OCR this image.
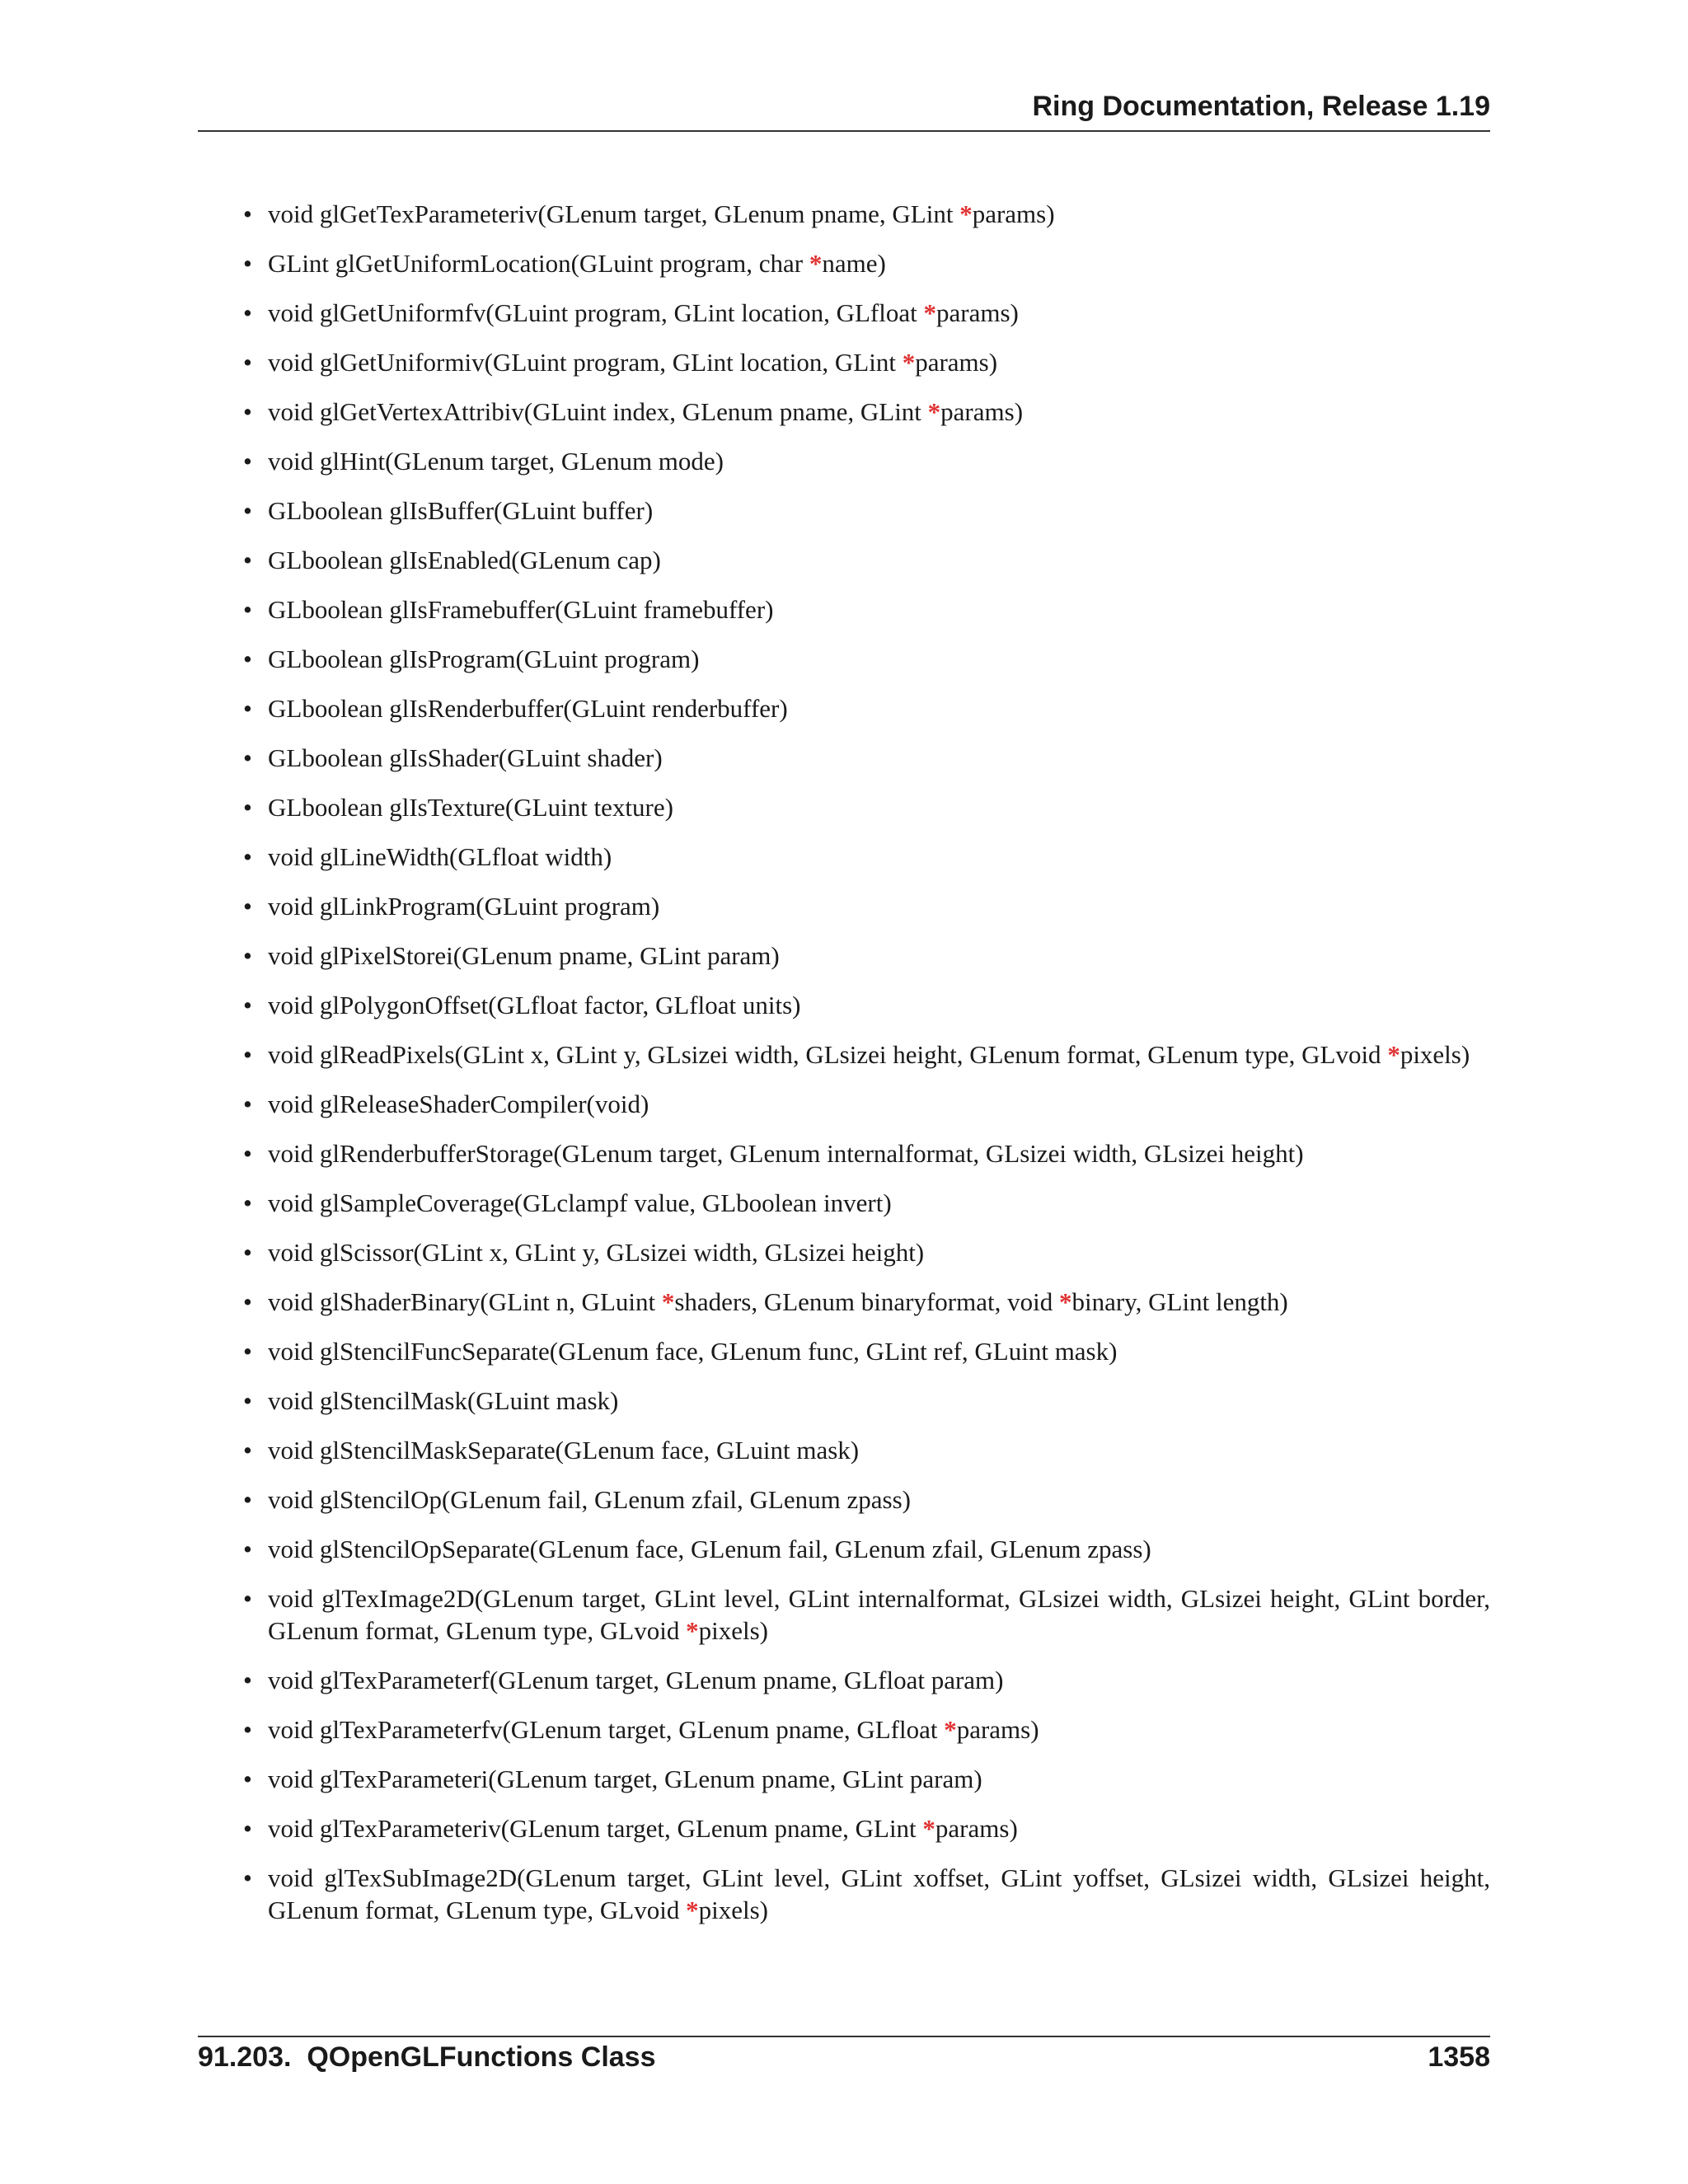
Ring Documentation, Release 1.19
• void glGetTexParameteriv(GLenum target, GLenum pname, GLint *params)
• GLint glGetUniformLocation(GLuint program, char *name)
• void glGetUniformfv(GLuint program, GLint location, GLfloat *params)
• void glGetUniformiv(GLuint program, GLint location, GLint *params)
• void glGetVertexAttribiv(GLuint index, GLenum pname, GLint *params)
• void glHint(GLenum target, GLenum mode)
• GLboolean glIsBuffer(GLuint buffer)
• GLboolean glIsEnabled(GLenum cap)
• GLboolean glIsFramebuffer(GLuint framebuffer)
• GLboolean glIsProgram(GLuint program)
• GLboolean glIsRenderbuffer(GLuint renderbuffer)
• GLboolean glIsShader(GLuint shader)
• GLboolean glIsTexture(GLuint texture)
• void glLineWidth(GLfloat width)
• void glLinkProgram(GLuint program)
• void glPixelStorei(GLenum pname, GLint param)
• void glPolygonOffset(GLfloat factor, GLfloat units)
• void glReadPixels(GLint x, GLint y, GLsizei width, GLsizei height, GLenum format, GLenum type, GLvoid *pixels)
• void glReleaseShaderCompiler(void)
• void glRenderbufferStorage(GLenum target, GLenum internalformat, GLsizei width, GLsizei height)
• void glSampleCoverage(GLclampf value, GLboolean invert)
• void glScissor(GLint x, GLint y, GLsizei width, GLsizei height)
• void glShaderBinary(GLint n, GLuint *shaders, GLenum binaryformat, void *binary, GLint length)
• void glStencilFuncSeparate(GLenum face, GLenum func, GLint ref, GLuint mask)
• void glStencilMask(GLuint mask)
• void glStencilMaskSeparate(GLenum face, GLuint mask)
• void glStencilOp(GLenum fail, GLenum zfail, GLenum zpass)
• void glStencilOpSeparate(GLenum face, GLenum fail, GLenum zfail, GLenum zpass)
• void glTexImage2D(GLenum target, GLint level, GLint internalformat, GLsizei width, GLsizei height, GLint border, GLenum format, GLenum type, GLvoid *pixels)
• void glTexParameterf(GLenum target, GLenum pname, GLfloat param)
• void glTexParameterfv(GLenum target, GLenum pname, GLfloat *params)
• void glTexParameteri(GLenum target, GLenum pname, GLint param)
• void glTexParameteriv(GLenum target, GLenum pname, GLint *params)
• void glTexSubImage2D(GLenum target, GLint level, GLint xoffset, GLint yoffset, GLsizei width, GLsizei height, GLenum format, GLenum type, GLvoid *pixels)
91.203.  QOpenGLFunctions Class	1358
